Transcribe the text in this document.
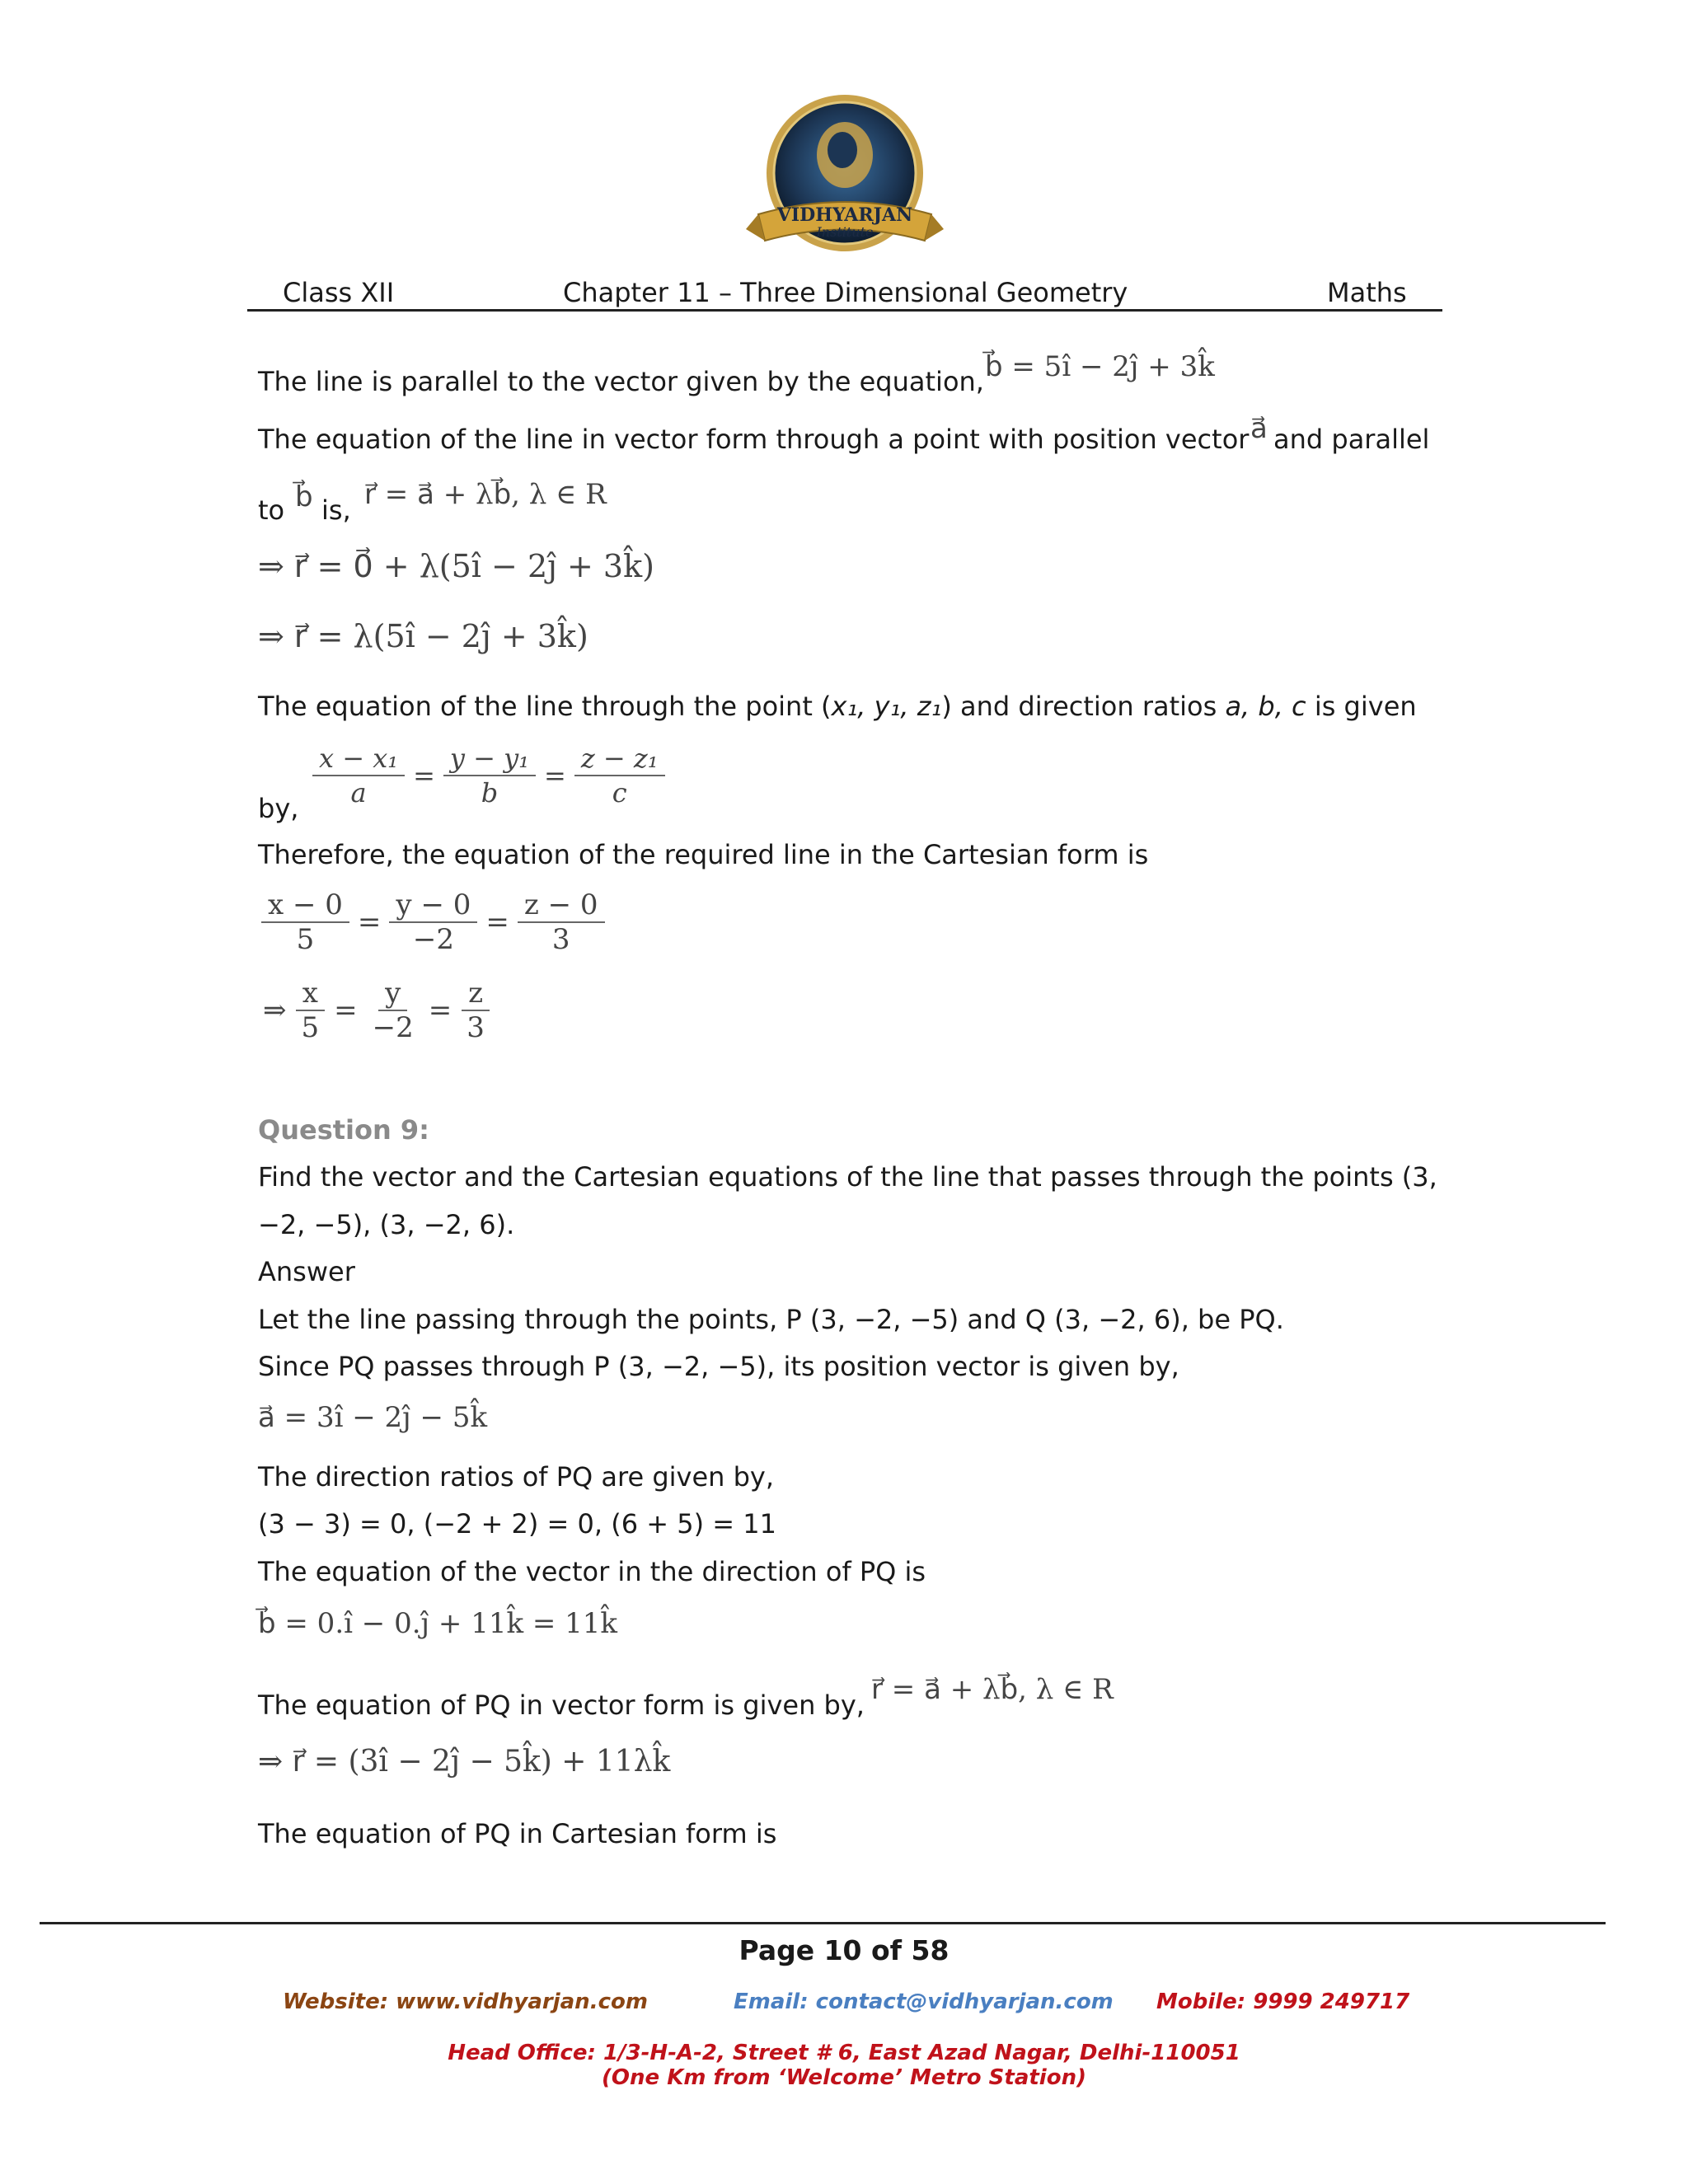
VIDHYARJAN
Institute
Class XII	Chapter 11 – Three Dimensional Geometry	Maths
The line is parallel to the vector given by the equation, b⃗ = 5î − 2ĵ + 3k̂
The equation of the line in vector form through a point with position vector a⃗ and parallel
to b⃗ is, r⃗ = a⃗ + λb⃗, λ ∈ R
⇒ r⃗ = 0⃗ + λ(5î − 2ĵ + 3k̂)
⇒ r⃗ = λ(5î − 2ĵ + 3k̂)
The equation of the line through the point (x₁, y₁, z₁) and direction ratios a, b, c is given
by, $\frac{\text{x − x₁}}{a} = \frac{\text{y − y₁}}{b} = \frac{\text{z − z₁}}{c}$
Therefore, the equation of the required line in the Cartesian form is
$\frac{x - 0}{5} = \frac{y - 0}{-2} = \frac{z - 0}{3}$
⇒ $\frac{x}{5} = \frac{y}{-2} = \frac{z}{3}$
Question 9:
Find the vector and the Cartesian equations of the line that passes through the points (3,
−2, −5), (3, −2, 6).
Answer
Let the line passing through the points, P (3, −2, −5) and Q (3, −2, 6), be PQ.
Since PQ passes through P (3, −2, −5), its position vector is given by,
a⃗ = 3î − 2ĵ − 5k̂
The direction ratios of PQ are given by,
(3 − 3) = 0, (−2 + 2) = 0, (6 + 5) = 11
The equation of the vector in the direction of PQ is
b⃗ = 0.î − 0.ĵ + 11k̂ = 11k̂
The equation of PQ in vector form is given by, r⃗ = a⃗ + λb⃗, λ ∈ R
⇒ r⃗ = (3î − 2ĵ − 5k̂) + 11λk̂
The equation of PQ in Cartesian form is
Page 10 of 58
Website: www.vidhyarjan.com	Email: contact@vidhyarjan.com Mobile: 9999 249717
Head Office: 1/3-H-A-2, Street # 6, East Azad Nagar, Delhi-110051
(One Km from ‘Welcome’ Metro Station)
